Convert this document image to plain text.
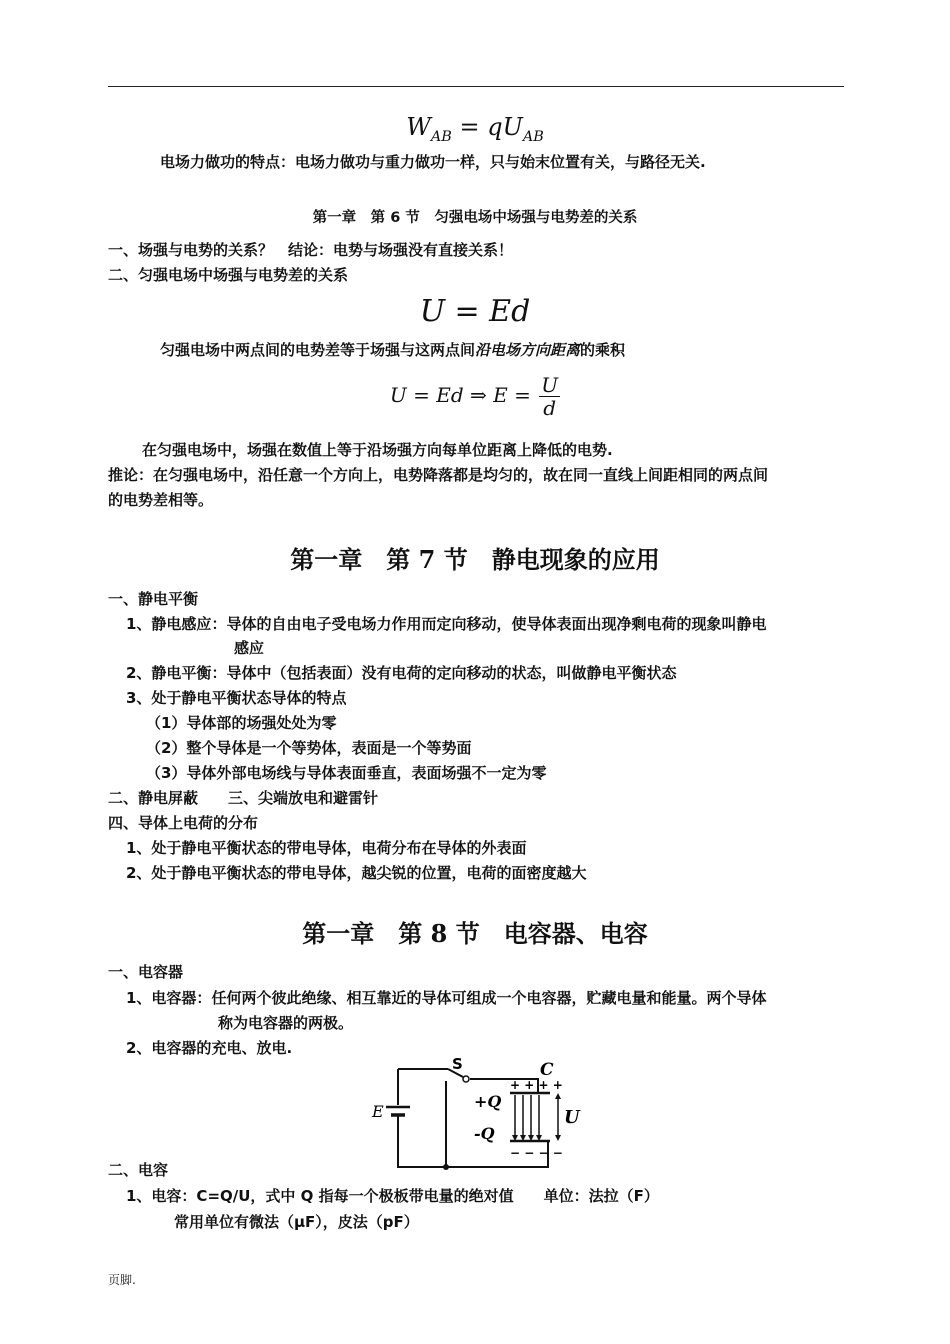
$W_{AB} = qU_{AB}$
电场力做功的特点：电场力做功与重力做功一样，只与始末位置有关，与路径无关.
第一章　第 6 节　匀强电场中场强与电势差的关系
一、场强与电势的关系？　结论：电势与场强没有直接关系！
二、匀强电场中场强与电势差的关系
U = Ed
匀强电场中两点间的电势差等于场强与这两点间沿电场方向距离的乘积
U = Ed ⇒ $E = \frac{U}{d}$
在匀强电场中，场强在数值上等于沿场强方向每单位距离上降低的电势.
推论：在匀强电场中，沿任意一个方向上，电势降落都是均匀的，故在同一直线上间距相同的两点间
的电势差相等。
第一章　第 7 节　静电现象的应用
一、静电平衡
1、静电感应：导体的自由电子受电场力作用而定向移动，使导体表面出现净剩电荷的现象叫静电
感应
2、静电平衡：导体中（包括表面）没有电荷的定向移动的状态，叫做静电平衡状态
3、处于静电平衡状态导体的特点
（1）导体部的场强处处为零
（2）整个导体是一个等势体，表面是一个等势面
（3）导体外部电场线与导体表面垂直，表面场强不一定为零
二、静电屏蔽　　三、尖端放电和避雷针
四、导体上电荷的分布
1、处于静电平衡状态的带电导体，电荷分布在导体的外表面
2、处于静电平衡状态的带电导体，越尖锐的位置，电荷的面密度越大
第一章　第 8 节　电容器、电容
一、电容器
1、电容器：任何两个彼此绝缘、相互靠近的导体可组成一个电容器，贮藏电量和能量。两个导体
称为电容器的两极。
2、电容器的充电、放电.
S	C
E
+Q
-Q
U
+ + + +
− − − −
二、电容
1、电容：C=Q/U，式中 Q 指每一个极板带电量的绝对值　　单位：法拉（F）
常用单位有微法（μF），皮法（pF）
页脚.
